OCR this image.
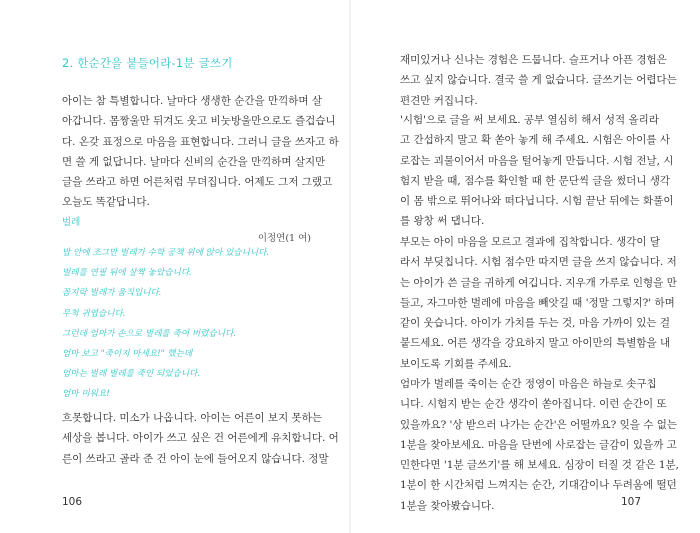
2. 한순간을 붙들어라-1분 글쓰기
아이는 참 특별합니다. 날마다 생생한 순간을 만끽하며 살
아갑니다. 몸짱울만 뒤겨도 웃고 비눗방울만으로도 즐겁습니
다. 온갖 표정으로 마음을 표현합니다. 그러니 글을 쓰자고 하
면 쓸 게 없답니다. 날마다 신비의 순간을 만끽하며 살지만
글을 쓰라고 하면 어른처럼 무뎌집니다. 어제도 그저 그랬고
오늘도 똑같답니다.
벌레
이정연(1 여)
밥 안에 조그만 벌레가 수학 공책 위에 앉아 있습니니다.
벌레를 연필 뒤에 살짝 놓았습니다.
꼼지락 벌레가 움직입니다.
무척 귀엽습니다.
그런데 엄마가 손으로 벌레를 죽여 버렸습니다.
엄마 보고 "죽이지 마세요!" 했는데
엄마는 벌레 벌레를 죽인 되었습니다.
엄마 미워요!
흐못합니다. 미소가 나옵니다. 아이는 어른이 보지 못하는
세상을 봅니다. 아이가 쓰고 싶은 건 어른에게 유치합니다. 어
른이 쓰라고 골라 준 건 아이 눈에 들어오지 않습니다. 정말
106
재미있거나 신나는 경험은 드뭅니다. 슬프거나 아픈 경험은
쓰고 싶지 않습니다. 결국 쓸 게 없습니다. 글쓰기는 어렵다는
편견만 커집니다.
'시험'으로 글을 써 보세요. 공부 열심히 해서 성적 올리라
고 간섭하지 말고 확 쏟아 놓게 해 주세요. 시험은 아이를 사
로잡는 괴물이어서 마음을 털어놓게 만듭니다. 시험 전날, 시
험지 받을 때, 점수를 확인할 때 한 문단씩 글을 썼더니 생각
이 몸 밖으로 뛰어나와 떠다닙니다. 시험 끝난 뒤에는 화풀이
를 왕창 써 댑니다.
부모는 아이 마음을 모르고 결과에 집착합니다. 생각이 달
라서 부딪칩니다. 시험 점수만 따지면 글을 쓰지 않습니다. 저
는 아이가 쓴 글을 귀하게 여깁니다. 지우개 가루로 인형을 만
들고, 자그마한 벌레에 마음을 빼앗길 때 '정말 그렇지?' 하며
같이 웃습니다. 아이가 가치를 두는 것, 마음 가까이 있는 걸
붙드세요. 어른 생각을 강요하지 말고 아이만의 특별함을 내
보이도록 기회를 주세요.
엄마가 벌레를 죽이는 순간 정영이 마음은 하늘로 솟구칩
니다. 시험지 받는 순간 생각이 쏟아집니다. 이런 순간이 또
있을까요? '상 받으러 나가는 순간'은 어떨까요? 잊을 수 없는
1분을 찾아보세요. 마음을 단번에 사로잡는 글감이 있을까 고
민한다면 '1분 글쓰기'를 해 보세요. 심장이 터질 것 같은 1분,
1분이 한 시간처럼 느껴지는 순간, 기대감이나 두려움에 떨던
1분을 찾아봤습니다.	107
